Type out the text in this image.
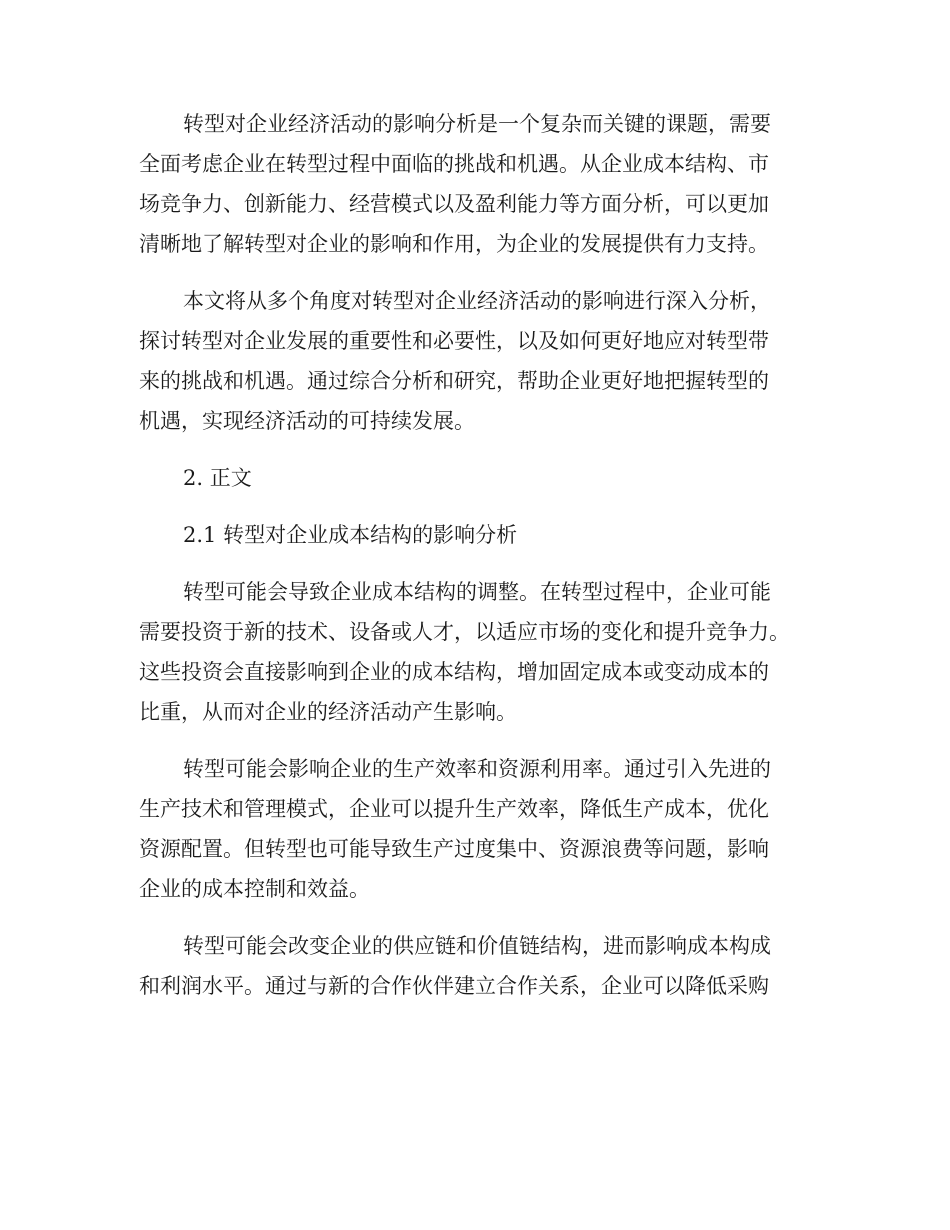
转型对企业经济活动的影响分析是一个复杂而关键的课题，需要
全面考虑企业在转型过程中面临的挑战和机遇。从企业成本结构、市
场竞争力、创新能力、经营模式以及盈利能力等方面分析，可以更加
清晰地了解转型对企业的影响和作用，为企业的发展提供有力支持。

本文将从多个角度对转型对企业经济活动的影响进行深入分析，
探讨转型对企业发展的重要性和必要性，以及如何更好地应对转型带
来的挑战和机遇。通过综合分析和研究，帮助企业更好地把握转型的
机遇，实现经济活动的可持续发展。

2. 正文

2.1 转型对企业成本结构的影响分析

转型可能会导致企业成本结构的调整。在转型过程中，企业可能
需要投资于新的技术、设备或人才，以适应市场的变化和提升竞争力。
这些投资会直接影响到企业的成本结构，增加固定成本或变动成本的
比重，从而对企业的经济活动产生影响。

转型可能会影响企业的生产效率和资源利用率。通过引入先进的
生产技术和管理模式，企业可以提升生产效率，降低生产成本，优化
资源配置。但转型也可能导致生产过度集中、资源浪费等问题，影响
企业的成本控制和效益。

转型可能会改变企业的供应链和价值链结构，进而影响成本构成
和利润水平。通过与新的合作伙伴建立合作关系，企业可以降低采购
